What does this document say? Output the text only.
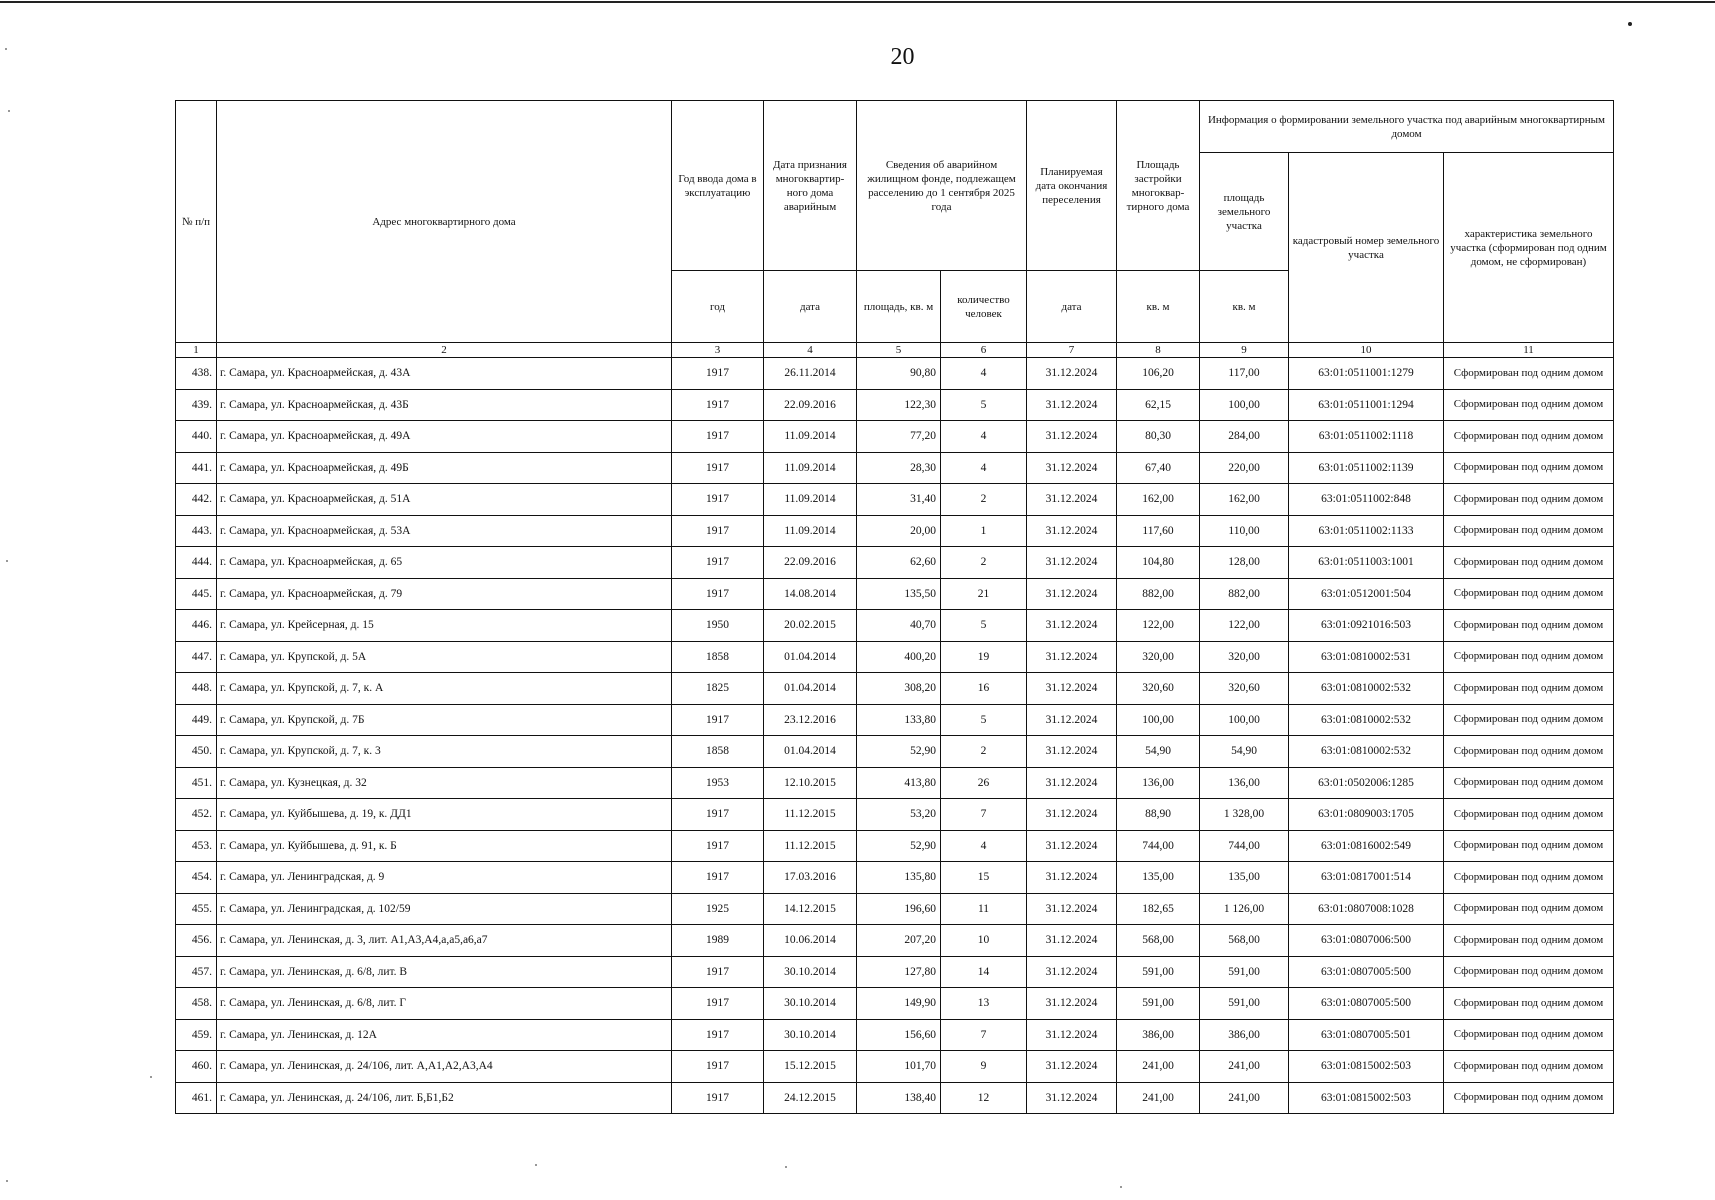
20
№ п/п	Адрес многоквартирного дома	Год ввода дома в эксплуатацию	Дата признания многоквартир-ного дома аварийным	Сведения об аварийном жилищном фонде, подлежащем расселению до 1 сентября 2025 года		Планируемая дата окончания переселения	Площадь застройки многоквар-тирного дома	Информация о формировании земельного участка под аварийным многоквартирным домом		
								площадь земельного участка	кадастровый номер земельного участка	характеристика земельного участка (сформирован под одним домом, не сформирован)
		год	дата	площадь, кв. м	количество человек	дата	кв. м	кв. м		
1	2	3	4	5	6	7	8	9	10	11
438.	г. Самара, ул. Красноармейская, д. 43А	1917	26.11.2014	90,80	4	31.12.2024	106,20	117,00	63:01:0511001:1279	Сформирован под одним домом
439.	г. Самара, ул. Красноармейская, д. 43Б	1917	22.09.2016	122,30	5	31.12.2024	62,15	100,00	63:01:0511001:1294	Сформирован под одним домом
440.	г. Самара, ул. Красноармейская, д. 49А	1917	11.09.2014	77,20	4	31.12.2024	80,30	284,00	63:01:0511002:1118	Сформирован под одним домом
441.	г. Самара, ул. Красноармейская, д. 49Б	1917	11.09.2014	28,30	4	31.12.2024	67,40	220,00	63:01:0511002:1139	Сформирован под одним домом
442.	г. Самара, ул. Красноармейская, д. 51А	1917	11.09.2014	31,40	2	31.12.2024	162,00	162,00	63:01:0511002:848	Сформирован под одним домом
443.	г. Самара, ул. Красноармейская, д. 53А	1917	11.09.2014	20,00	1	31.12.2024	117,60	110,00	63:01:0511002:1133	Сформирован под одним домом
444.	г. Самара, ул. Красноармейская, д. 65	1917	22.09.2016	62,60	2	31.12.2024	104,80	128,00	63:01:0511003:1001	Сформирован под одним домом
445.	г. Самара, ул. Красноармейская, д. 79	1917	14.08.2014	135,50	21	31.12.2024	882,00	882,00	63:01:0512001:504	Сформирован под одним домом
446.	г. Самара, ул. Крейсерная, д. 15	1950	20.02.2015	40,70	5	31.12.2024	122,00	122,00	63:01:0921016:503	Сформирован под одним домом
447.	г. Самара, ул. Крупской, д. 5А	1858	01.04.2014	400,20	19	31.12.2024	320,00	320,00	63:01:0810002:531	Сформирован под одним домом
448.	г. Самара, ул. Крупской, д. 7, к. А	1825	01.04.2014	308,20	16	31.12.2024	320,60	320,60	63:01:0810002:532	Сформирован под одним домом
449.	г. Самара, ул. Крупской, д. 7Б	1917	23.12.2016	133,80	5	31.12.2024	100,00	100,00	63:01:0810002:532	Сформирован под одним домом
450.	г. Самара, ул. Крупской, д. 7, к. 3	1858	01.04.2014	52,90	2	31.12.2024	54,90	54,90	63:01:0810002:532	Сформирован под одним домом
451.	г. Самара, ул. Кузнецкая, д. 32	1953	12.10.2015	413,80	26	31.12.2024	136,00	136,00	63:01:0502006:1285	Сформирован под одним домом
452.	г. Самара, ул. Куйбышева, д. 19, к. ДД1	1917	11.12.2015	53,20	7	31.12.2024	88,90	1 328,00	63:01:0809003:1705	Сформирован под одним домом
453.	г. Самара, ул. Куйбышева, д. 91, к. Б	1917	11.12.2015	52,90	4	31.12.2024	744,00	744,00	63:01:0816002:549	Сформирован под одним домом
454.	г. Самара, ул. Ленинградская, д. 9	1917	17.03.2016	135,80	15	31.12.2024	135,00	135,00	63:01:0817001:514	Сформирован под одним домом
455.	г. Самара, ул. Ленинградская, д. 102/59	1925	14.12.2015	196,60	11	31.12.2024	182,65	1 126,00	63:01:0807008:1028	Сформирован под одним домом
456.	г. Самара, ул. Ленинская, д. 3, лит. А1,А3,А4,а,а5,а6,а7	1989	10.06.2014	207,20	10	31.12.2024	568,00	568,00	63:01:0807006:500	Сформирован под одним домом
457.	г. Самара, ул. Ленинская, д. 6/8, лит. В	1917	30.10.2014	127,80	14	31.12.2024	591,00	591,00	63:01:0807005:500	Сформирован под одним домом
458.	г. Самара, ул. Ленинская, д. 6/8, лит. Г	1917	30.10.2014	149,90	13	31.12.2024	591,00	591,00	63:01:0807005:500	Сформирован под одним домом
459.	г. Самара, ул. Ленинская, д. 12А	1917	30.10.2014	156,60	7	31.12.2024	386,00	386,00	63:01:0807005:501	Сформирован под одним домом
460.	г. Самара, ул. Ленинская, д. 24/106, лит. А,А1,А2,А3,А4	1917	15.12.2015	101,70	9	31.12.2024	241,00	241,00	63:01:0815002:503	Сформирован под одним домом
461.	г. Самара, ул. Ленинская, д. 24/106, лит. Б,Б1,Б2	1917	24.12.2015	138,40	12	31.12.2024	241,00	241,00	63:01:0815002:503	Сформирован под одним домом
